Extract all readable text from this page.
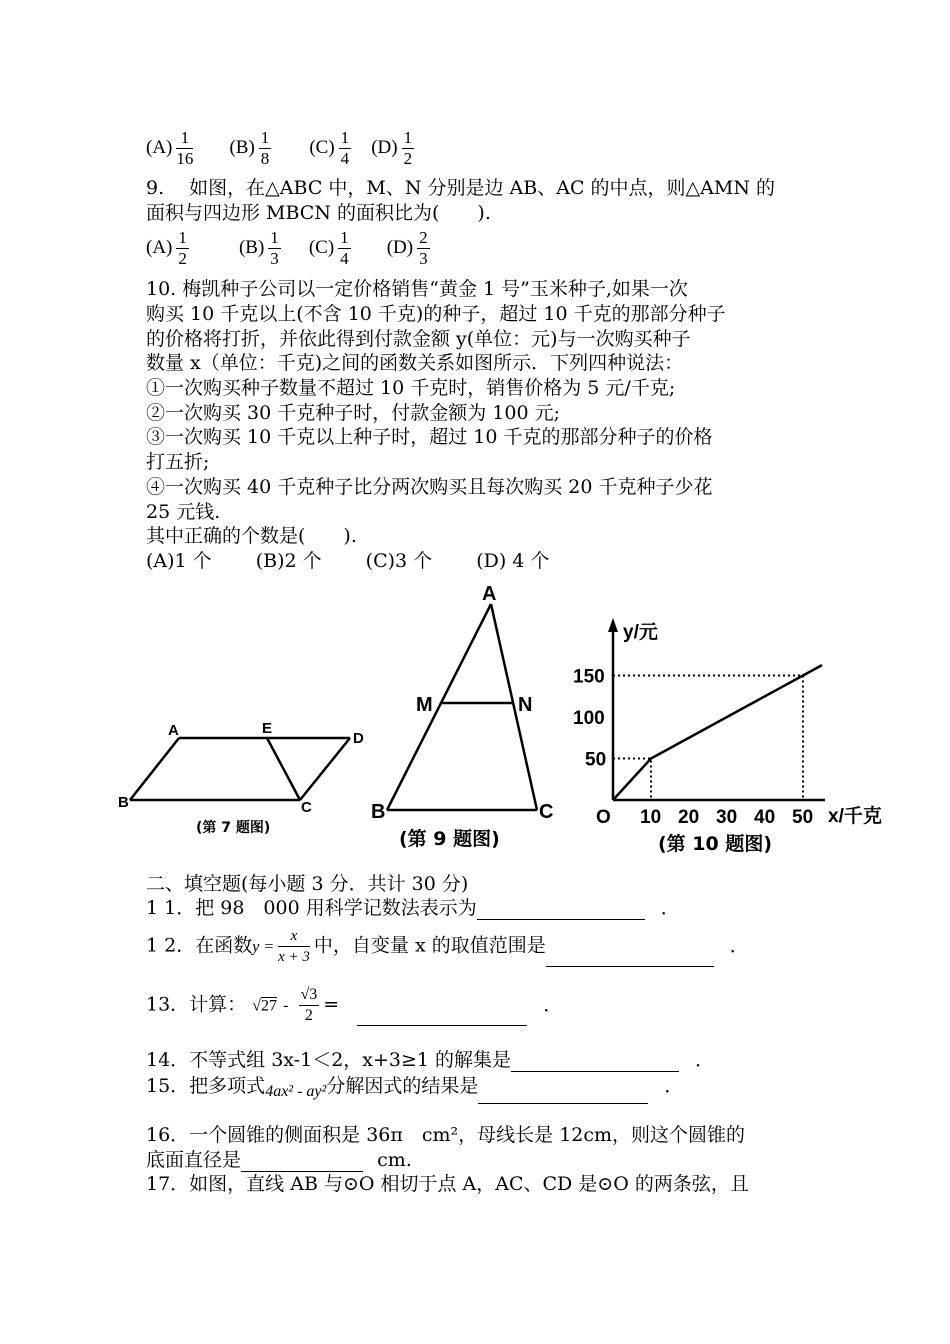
$(A) \frac{1}{16} (B) \frac{1}{8} (C) \frac{1}{4} (D) \frac{1}{2}$
9.　 如图，在△ABC 中，M、N 分别是边 AB、AC 的中点，则△AMN 的
面积与四边形 MBCN 的面积比为(　　).
$(A) \frac{1}{2}$	$(B) \frac{1}{3} (C) \frac{1}{4} (D) \frac{2}{3}$
10. 梅凯种子公司以一定价格销售“黄金 1 号”玉米种子,如果一次
购买 10 千克以上(不含 10 千克)的种子，超过 10 千克的那部分种子
的价格将打折，并依此得到付款金额 y(单位：元)与一次购买种子
数量 x（单位：千克)之间的函数关系如图所示．下列四种说法：
①一次购买种子数量不超过 10 千克时，销售价格为 5 元/千克;
②一次购买 30 千克种子时，付款金额为 100 元;
③一次购买 10 千克以上种子时，超过 10 千克的那部分种子的价格
打五折;
④一次购买 40 千克种子比分两次购买且每次购买 20 千克种子少花
25 元钱.
其中正确的个数是(　　).
(A)1 个　　 (B)2 个　　 (C)3 个　　 (D) 4 个
A	E
D
B	C
(第 7 题图)
A
M	N
B	C
(第 9 题图)
O 10 20 30 40 50
50
100
150
y/元
x/千克
(第 10 题图)
二、填空题(每小题 3 分．共计 30 分)
1 1．把 98　000 用科学记数法表示为	．
1 2．在函数$y = \frac{x}{x + 3}$ 中，自变量 x 的取值范围是	．
13．计算： $√27 - \frac{√3}{2}$ =	．
14．不等式组 3x-1＜2，x+3≥1 的解集是	．
15．把多项式$_{4ax^2 - ay^2}$分解因式的结果是	．
16．一个圆锥的侧面积是 36π　cm²，母线长是 12cm，则这个圆锥的
底面直径是	cm.
17．如图，直线 AB 与⊙O 相切于点 A，AC、CD 是⊙O 的两条弦，且
